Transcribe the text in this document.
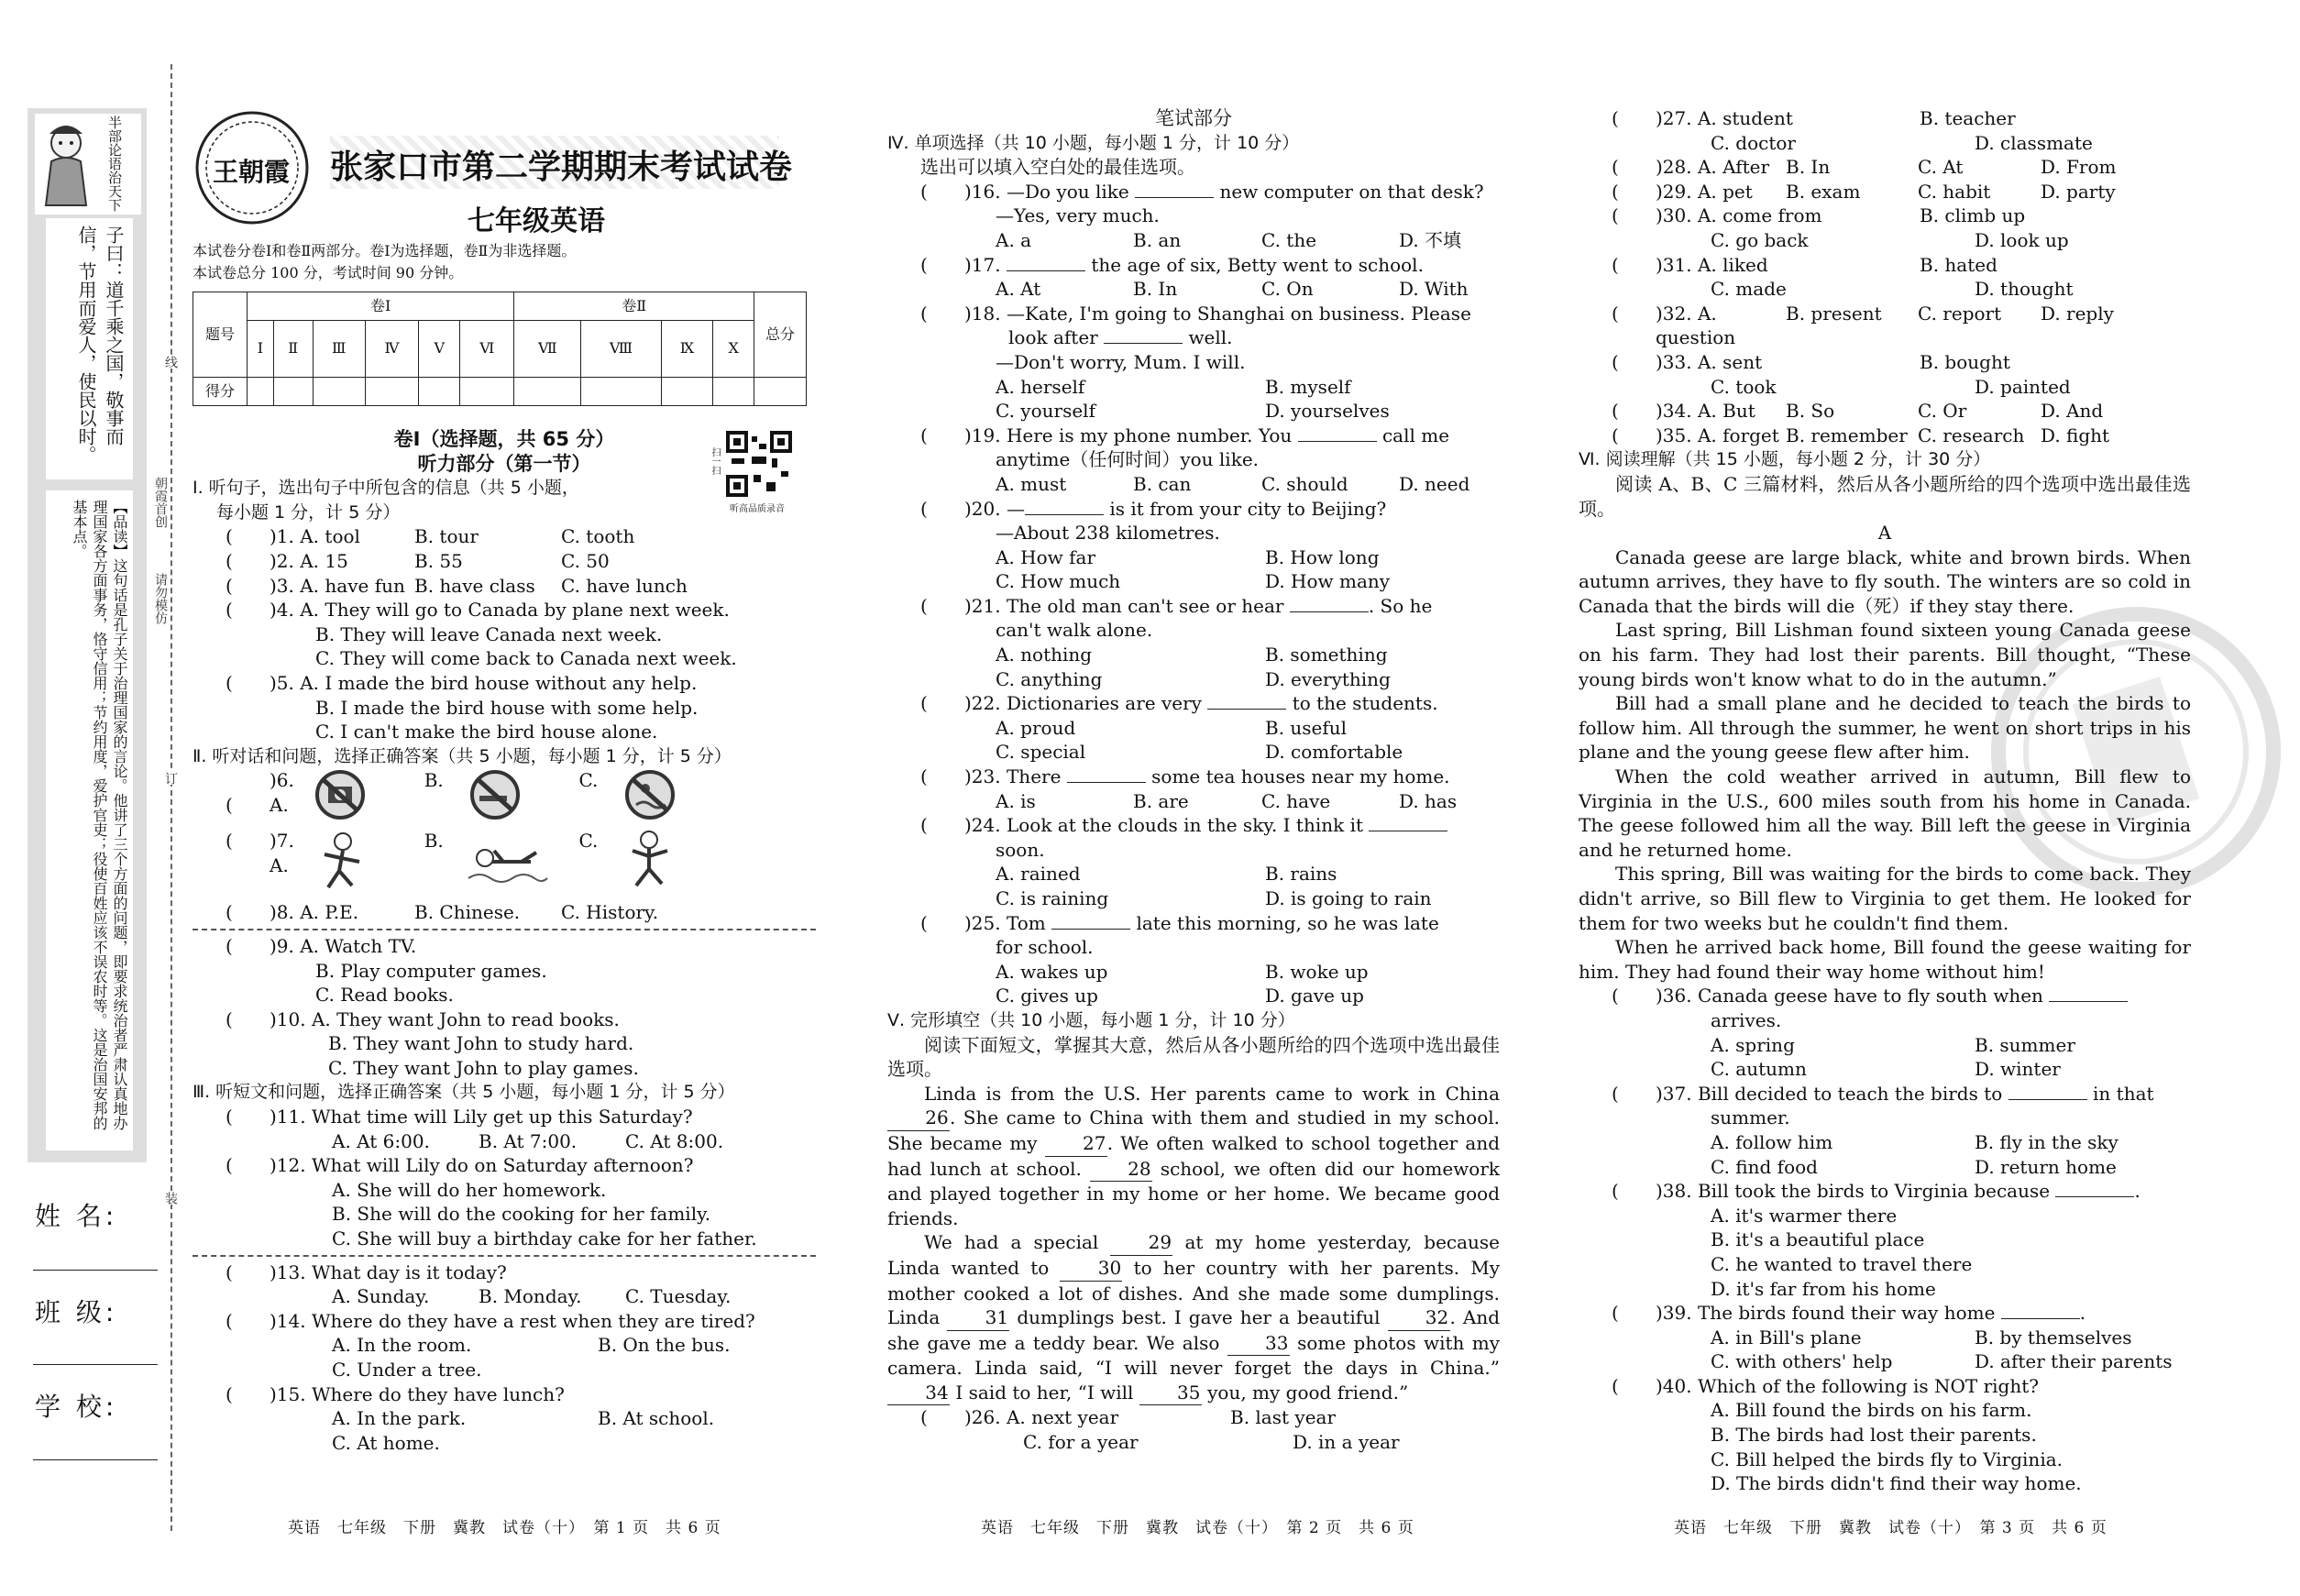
半部论语治天下
子曰：道千乘之国，敬事而信，节用而爱人，使民以时。
【品读】这句话是孔子关于治理国家的言论。他讲了三个方面的问题，即要求统治者严肃认真地办理国家各方面事务，恪守信用；节约用度，爱护官吏；役使百姓应该不误农时等。这是治国安邦的基本点。
姓 名:
班 级:
学 校:
线
订
装
朝霞首创
请勿模仿
王朝霞 张家口市第二学期期末考试试卷
七年级英语

本试卷分卷Ⅰ和卷Ⅱ两部分。卷Ⅰ为选择题，卷Ⅱ为非选择题。

本试卷总分 100 分，考试时间 90 分钟。

题号	卷Ⅰ						卷Ⅱ				总分
	Ⅰ	Ⅱ	Ⅲ	Ⅳ	Ⅴ	Ⅵ	Ⅶ	Ⅷ	Ⅸ	Ⅹ	
得分											
听高品质录音
扫一扫

卷Ⅰ（选择题，共 65 分）

听力部分（第一节）

Ⅰ. 听句子，选出句子中所包含的信息（共 5 小题，

每小题 1 分，计 5 分）

(	)1. A. tool	B. tour	C. tooth
(	)2. A. 15	B. 55	C. 50
(	)3. A. have fun B. have class	C. have lunch
( )4. A. They will go to Canada by plane next week.

B. They will leave Canada next week.

C. They will come back to Canada next week.

( )5. A. I made the bird house without any help.

B. I made the bird house with some help.

C. I can't make the bird house alone.

Ⅱ. 听对话和问题，选择正确答案（共 5 小题，每小题 1 分，计 5 分）

()6. A.  B.	C.
( )7. A.  B.	C.
(	)8. A. P.E.	B. Chinese.	C. History.
( )9. A. Watch TV.

B. Play computer games.

C. Read books.

( )10. A. They want John to read books.

B. They want John to study hard.

C. They want John to play games.

Ⅲ. 听短文和问题，选择正确答案（共 5 小题，每小题 1 分，计 5 分）

( )11. What time will Lily get up this Saturday?
A. At 6:00.	B. At 7:00.	C. At 8:00.
( )12. What will Lily do on Saturday afternoon?

A. She will do her homework.

B. She will do the cooking for her family.

C. She will buy a birthday cake for her father.

( )13. What day is it today?
A. Sunday.	B. Monday.	C. Tuesday.
( )14. Where do they have a rest when they are tired?
A. In the room.	B. On the bus.

C. Under a tree.

( )15. Where do they have lunch?
A. In the park.	B. At school.

C. At home.

英语　七年级　下册　冀教　试卷（十）　第 1 页　共 6 页

笔试部分

Ⅳ. 单项选择（共 10 小题，每小题 1 分，计 10 分）

选出可以填入空白处的最佳选项。

( )16. —Do you like	new computer on that desk?

—Yes, very much.

A. a	B. an	C. the	D. 不填
( )17.	the age of six, Betty went to school.
A. At	B. In	C. On	D. With
( )18. —Kate, I'm going to Shanghai on business. Please

look after	well.

—Don't worry, Mum. I will.

A. herself	B. myself
C. yourself	D. yourselves
( )19. Here is my phone number. You	call me

anytime（任何时间）you like.

A. must	B. can	C. should	D. need
( )20. —	is it from your city to Beijing?

—About 238 kilometres.

A. How far	B. How long
C. How much	D. How many
( )21. The old man can't see or hear	. So he

can't walk alone.

A. nothing	B. something
C. anything	D. everything
( )22. Dictionaries are very	to the students.
A. proud	B. useful
C. special	D. comfortable
( )23. There	some tea houses near my home.
A. is	B. are	C. have	D. has
( )24. Look at the clouds in the sky. I think it

soon.

A. rained	B. rains
C. is raining	D. is going to rain
( )25. Tom	late this morning, so he was late

for school.

A. wakes up	B. woke up
C. gives up	D. gave up

Ⅴ. 完形填空（共 10 小题，每小题 1 分，计 10 分）

阅读下面短文，掌握其大意，然后从各小题所给的四个选项中选出最佳选项。

Linda is from the U.S. Her parents came to work in China 26. She came to China with them and studied in my school. She became my 27. We often walked to school together and had lunch at school.	28 school, we often did our homework and played together in my home or her home. We became good friends.

We had a special	29 at my home yesterday, because Linda wanted to	30 to her country with her parents. My mother cooked a lot of dishes. And she made some dumplings. Linda 31 dumplings best. I gave her a beautiful 32. And she gave me a teddy bear. We also 33 some photos with my camera. Linda said, “I will never forget the days in China.” 34 I said to her, “I will 35 you, my good friend.”

( )26. A. next year	B. last year
C. for a year	D. in a year
英语　七年级　下册　冀教　试卷（十）　第 2 页　共 6 页
( )27. A. student	B. teacher
C. doctor	D. classmate
(	)28. A. After B. In	C. At	D. From
(	)29. A. pet	B. exam	C. habit	D. party
( )30. A. come from	B. climb up
C. go back	D. look up
( )31. A. liked	B. hated
C. made	D. thought
(	)32. A. question
B. present	C. report	D. reply
( )33. A. sent	B. bought
C. took	D. painted
(	)34. A. But	B. So	C. Or	D. And
(	)35. A. forget B. remember C. research D. fight

Ⅵ. 阅读理解（共 15 小题，每小题 2 分，计 30 分）

阅读 A、B、C 三篇材料，然后从各小题所给的四个选项中选出最佳选项。

A

Canada geese are large black, white and brown birds. When autumn arrives, they have to fly south. The winters are so cold in Canada that the birds will die（死）if they stay there.

Last spring, Bill Lishman found sixteen young Canada geese on his farm. They had lost their parents. Bill thought, “These young birds won't know what to do in the autumn.”

Bill had a small plane and he decided to teach the birds to follow him. All through the summer, he went on short trips in his plane and the young geese flew after him.

When the cold weather arrived in autumn, Bill flew to Virginia in the U.S., 600 miles south from his home in Canada. The geese followed him all the way. Bill left the geese in Virginia and he returned home.

This spring, Bill was waiting for the birds to come back. They didn't arrive, so Bill flew to Virginia to get them. He looked for them for two weeks but he couldn't find them.

When he arrived back home, Bill found the geese waiting for him. They had found their way home without him!

( )36. Canada geese have to fly south when

arrives.

A. spring	B. summer
C. autumn	D. winter
( )37. Bill decided to teach the birds to	in that

summer.

A. follow him	B. fly in the sky
C. find food	D. return home
( )38. Bill took the birds to Virginia because	.

A. it's warmer there

B. it's a beautiful place

C. he wanted to travel there

D. it's far from his home

( )39. The birds found their way home	.
A. in Bill's plane	B. by themselves
C. with others' help	D. after their parents
( )40. Which of the following is NOT right?

A. Bill found the birds on his farm.

B. The birds had lost their parents.

C. Bill helped the birds fly to Virginia.

D. The birds didn't find their way home.

英语　七年级　下册　冀教　试卷（十）　第 3 页　共 6 页
